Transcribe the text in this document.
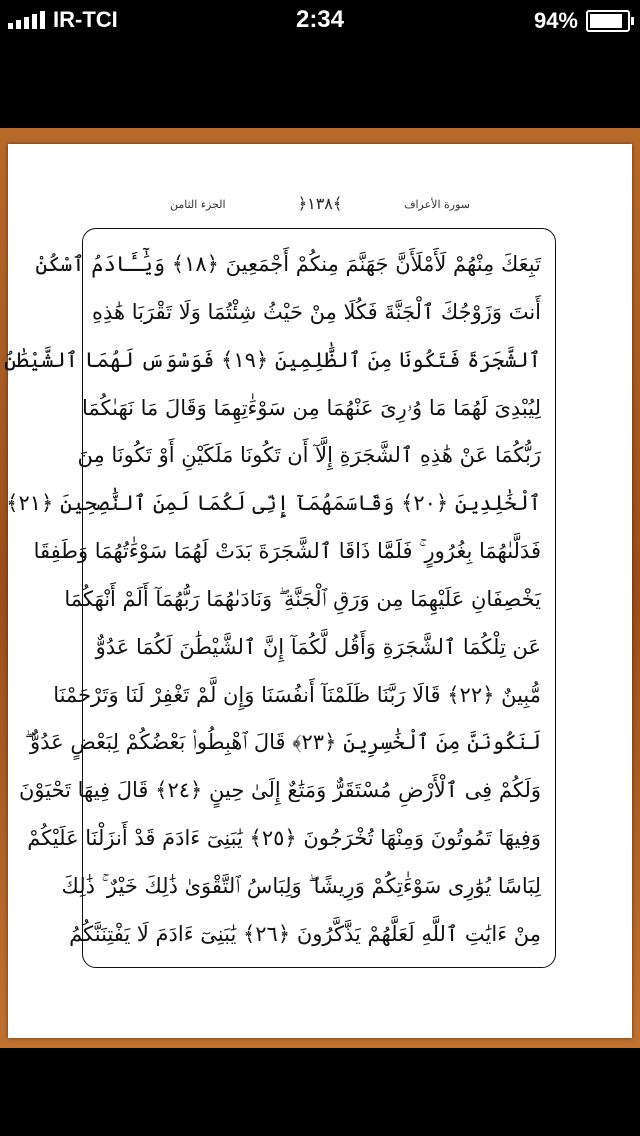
IR-TCI	2:34	94%
الجزء الثامن	﴿١٣٨﴾	سورة الأعراف
تَبِعَكَ مِنْهُمْ لَأَمْلَأَنَّ جَهَنَّمَ مِنكُمْ أَجْمَعِينَ ﴿١٨﴾ وَيَٰٓـَٔادَمُ ٱسْكُنْ
أَنتَ وَزَوْجُكَ ٱلْجَنَّةَ فَكُلَا مِنْ حَيْثُ شِئْتُمَا وَلَا تَقْرَبَا هَٰذِهِ
ٱلشَّجَرَةَ فَتَكُونَا مِنَ ٱلظَّٰلِمِينَ ﴿١٩﴾ فَوَسْوَسَ لَهُمَا ٱلشَّيْطَٰنُ
لِيُبْدِىَ لَهُمَا مَا وُۥرِىَ عَنْهُمَا مِن سَوْءَٰتِهِمَا وَقَالَ مَا نَهَىٰكُمَا
رَبُّكُمَا عَنْ هَٰذِهِ ٱلشَّجَرَةِ إِلَّآ أَن تَكُونَا مَلَكَيْنِ أَوْ تَكُونَا مِنَ
ٱلْخَٰلِدِينَ ﴿٢٠﴾ وَقَاسَمَهُمَآ إِنِّى لَكُمَا لَمِنَ ٱلنَّٰصِحِينَ ﴿٢١﴾
فَدَلَّىٰهُمَا بِغُرُورٍ ۚ فَلَمَّا ذَاقَا ٱلشَّجَرَةَ بَدَتْ لَهُمَا سَوْءَٰتُهُمَا وَطَفِقَا
يَخْصِفَانِ عَلَيْهِمَا مِن وَرَقِ ٱلْجَنَّةِ ۖ وَنَادَىٰهُمَا رَبُّهُمَآ أَلَمْ أَنْهَكُمَا
عَن تِلْكُمَا ٱلشَّجَرَةِ وَأَقُل لَّكُمَآ إِنَّ ٱلشَّيْطَٰنَ لَكُمَا عَدُوٌّ
مُّبِينٌ ﴿٢٢﴾ قَالَا رَبَّنَا ظَلَمْنَآ أَنفُسَنَا وَإِن لَّمْ تَغْفِرْ لَنَا وَتَرْحَمْنَا
لَنَكُونَنَّ مِنَ ٱلْخَٰسِرِينَ ﴿٢٣﴾ قَالَ ٱهْبِطُوا۟ بَعْضُكُمْ لِبَعْضٍ عَدُوٌّ ۖ
وَلَكُمْ فِى ٱلْأَرْضِ مُسْتَقَرٌّ وَمَتَٰعٌ إِلَىٰ حِينٍ ﴿٢٤﴾ قَالَ فِيهَا تَحْيَوْنَ
وَفِيهَا تَمُوتُونَ وَمِنْهَا تُخْرَجُونَ ﴿٢٥﴾ يَٰبَنِىٓ ءَادَمَ قَدْ أَنزَلْنَا عَلَيْكُمْ
لِبَاسًا يُوَٰرِى سَوْءَٰتِكُمْ وَرِيشًا ۖ وَلِبَاسُ ٱلتَّقْوَىٰ ذَٰلِكَ خَيْرٌ ۚ ذَٰلِكَ
مِنْ ءَايَٰتِ ٱللَّهِ لَعَلَّهُمْ يَذَّكَّرُونَ ﴿٢٦﴾ يَٰبَنِىٓ ءَادَمَ لَا يَفْتِنَنَّكُمُ
